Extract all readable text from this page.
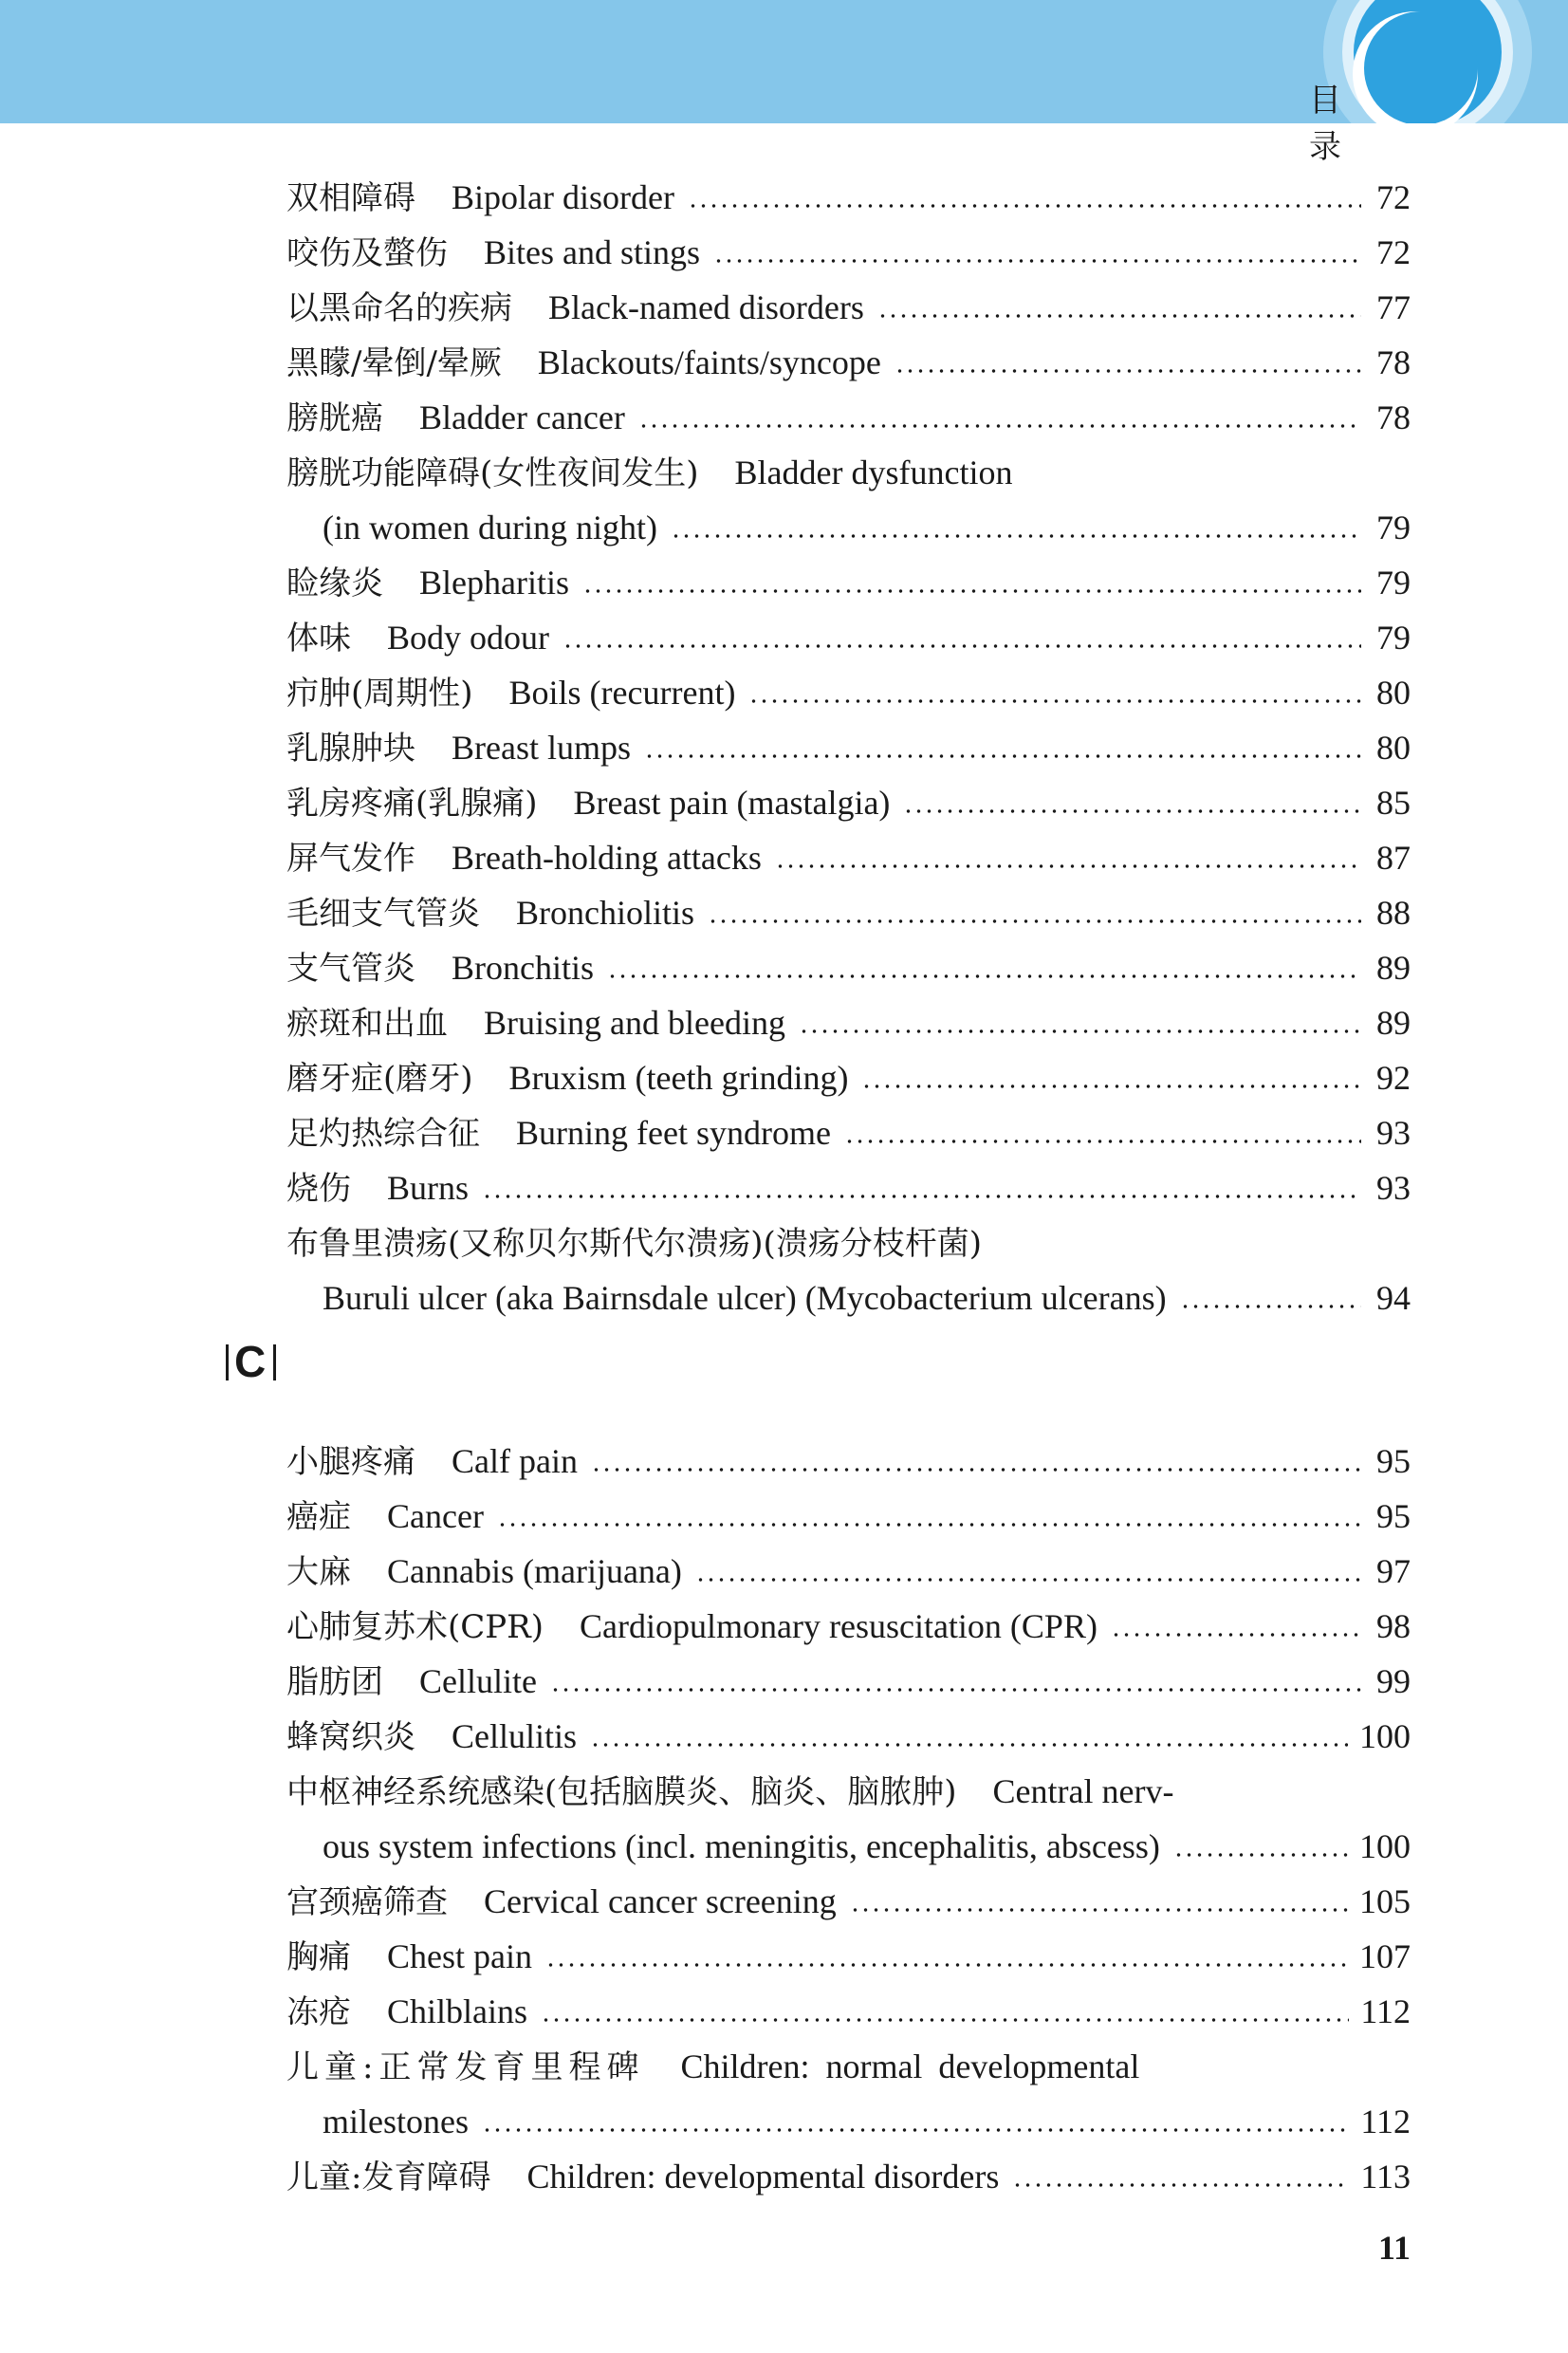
目 录
双相障碍 Bipolar disorder	72
咬伤及螫伤 Bites and stings	72
以黑命名的疾病 Black-named disorders	77
黑矇/晕倒/晕厥 Blackouts/faints/syncope	78
膀胱癌 Bladder cancer	78
膀胱功能障碍(女性夜间发生) Bladder dysfunction
(in women during night)	79
睑缘炎 Blepharitis	79
体味 Body odour	79
疖肿(周期性) Boils (recurrent)	80
乳腺肿块 Breast lumps	80
乳房疼痛(乳腺痛) Breast pain (mastalgia)	85
屏气发作 Breath-holding attacks	87
毛细支气管炎 Bronchiolitis	88
支气管炎 Bronchitis	89
瘀斑和出血 Bruising and bleeding	89
磨牙症(磨牙) Bruxism (teeth grinding)	92
足灼热综合征 Burning feet syndrome	93
烧伤 Burns	93
布鲁里溃疡(又称贝尔斯代尔溃疡)(溃疡分枝杆菌)
Buruli ulcer (aka Bairnsdale ulcer) (Mycobacterium ulcerans)	94
C
小腿疼痛 Calf pain	95
癌症 Cancer	95
大麻 Cannabis (marijuana)	97
心肺复苏术(CPR) Cardiopulmonary resuscitation (CPR)	98
脂肪团 Cellulite	99
蜂窝织炎 Cellulitis	100
中枢神经系统感染(包括脑膜炎、脑炎、脑脓肿) Central nerv-
ous system infections (incl. meningitis, encephalitis, abscess)	100
宫颈癌筛查 Cervical cancer screening	105
胸痛 Chest pain	107
冻疮 Chilblains	112
儿童:正常发育里程碑 Children: normal developmental
milestones	112
儿童:发育障碍 Children: developmental disorders	113
11
